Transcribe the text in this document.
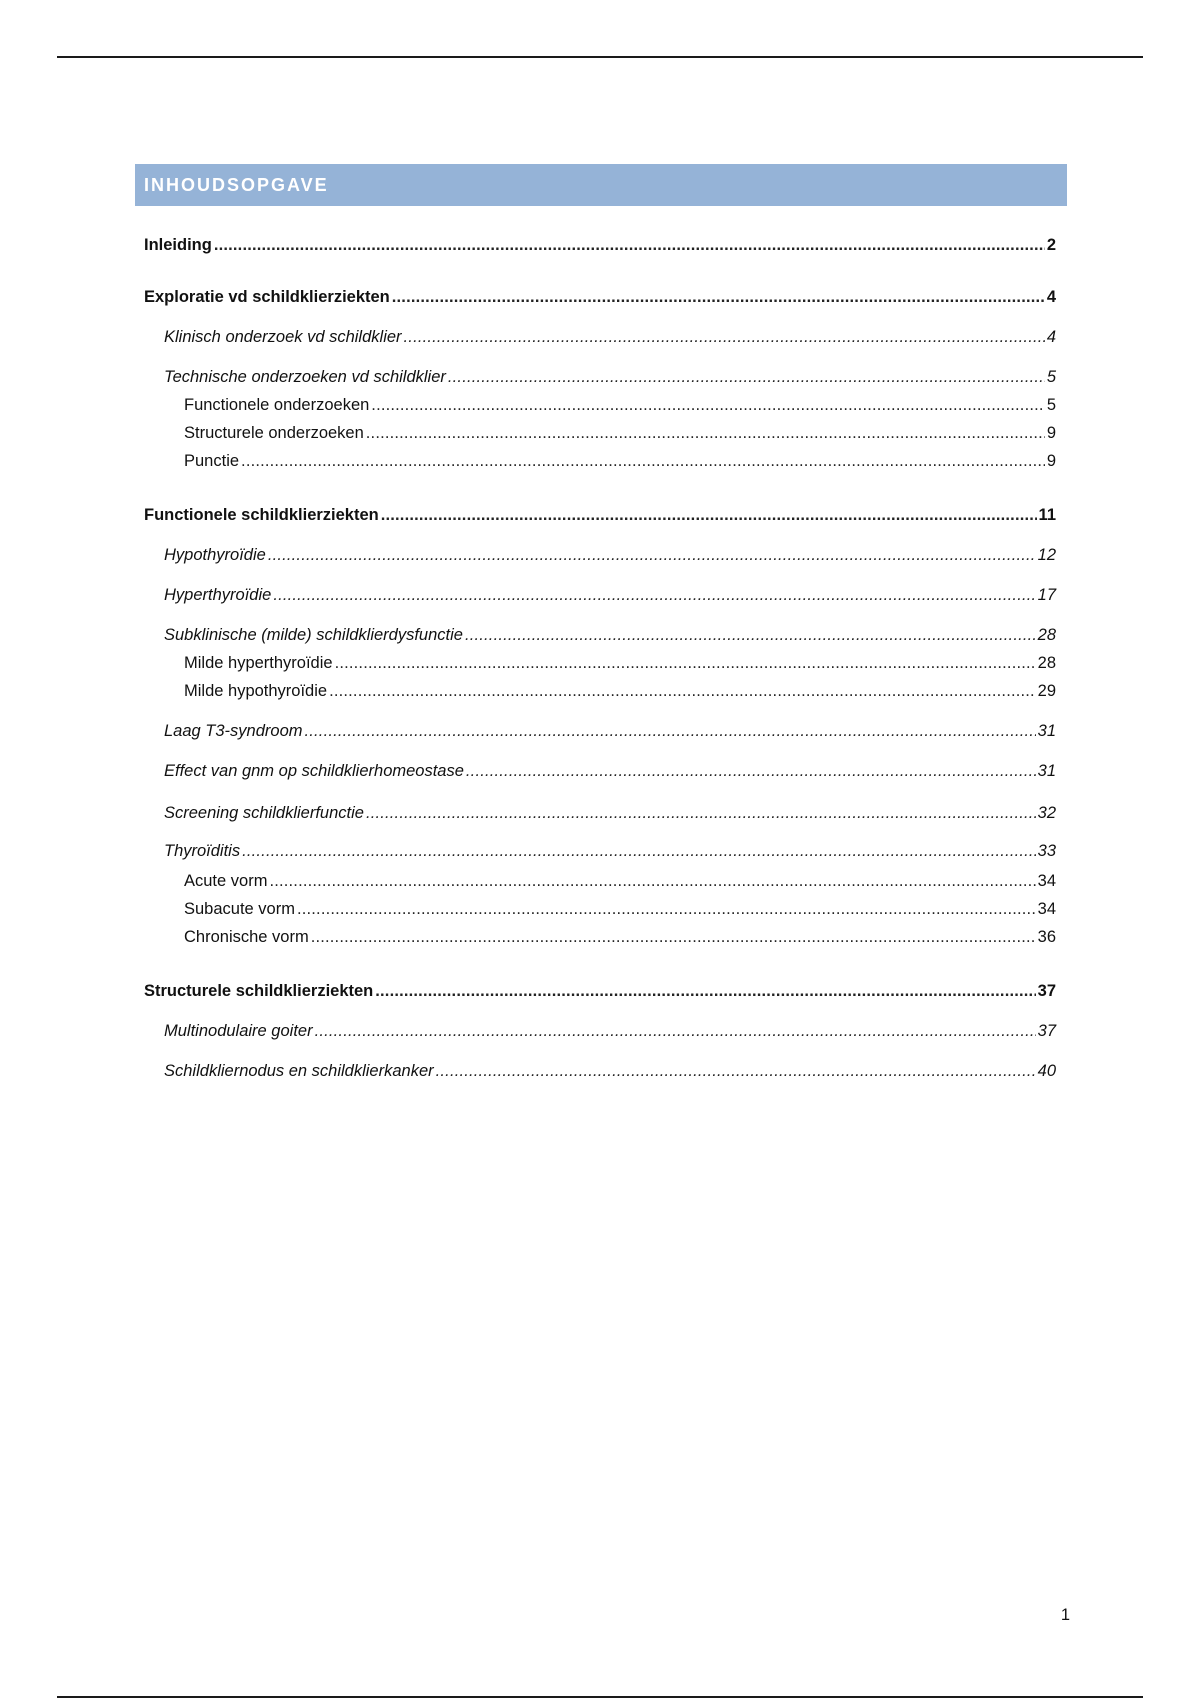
INHOUDSOPGAVE
Inleiding . . .	2
Exploratie vd schildklierziekten . . .	4
Klinisch onderzoek vd schildklier . . .	4
Technische onderzoeken vd schildklier . . .	5
Functionele onderzoeken . . .	5
Structurele onderzoeken . . .	9
Punctie . . .	9
Functionele schildklierziekten . . .	11
Hypothyroïdie . . .	12
Hyperthyroïdie . . .	17
Subklinische (milde) schildklierdysfunctie . . .	28
Milde hyperthyroïdie . . .	28
Milde hypothyroïdie . . .	29
Laag T3-syndroom . . .	31
Effect van gnm op schildklierhomeostase . . .	31
Screening schildklierfunctie . . .	32
Thyroïditis . . .	33
Acute vorm . . .	34
Subacute vorm . . .	34
Chronische vorm . . .	36
Structurele schildklierziekten . . .	37
Multinodulaire goiter . . .	37
Schildkliernodus en schildklierkanker . . .	40
1
